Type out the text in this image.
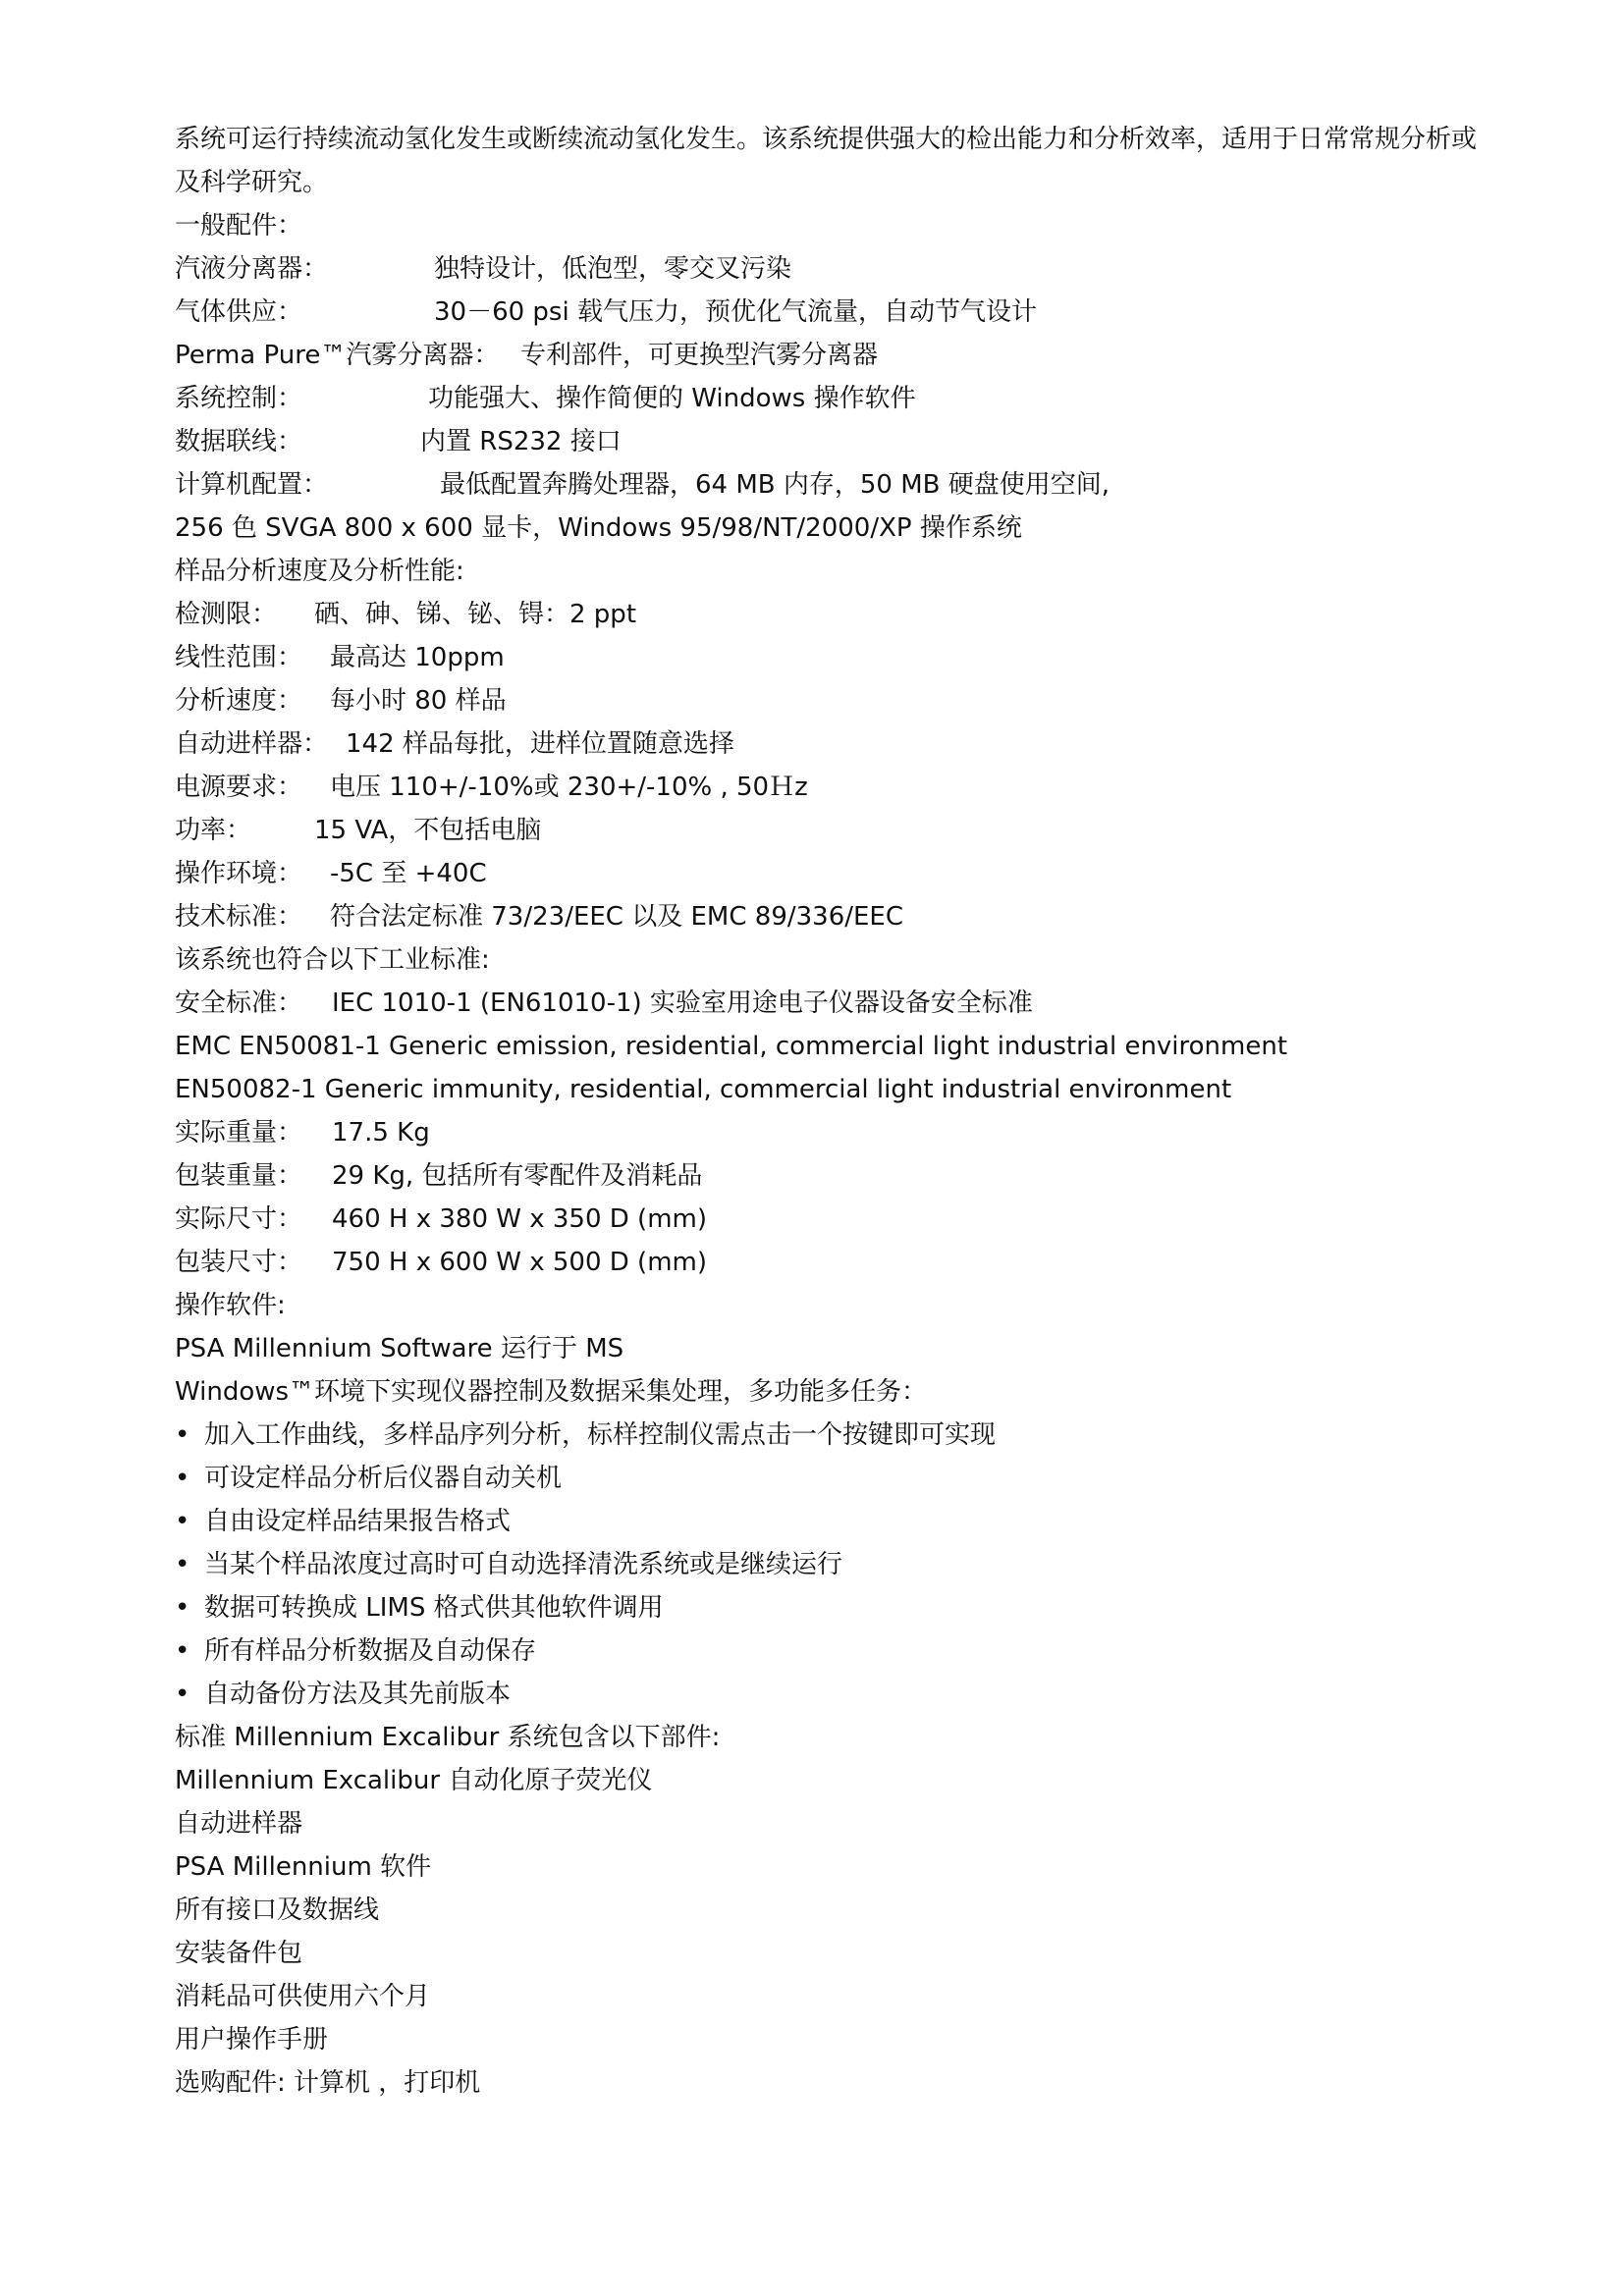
系统可运行持续流动氢化发生或断续流动氢化发生。该系统提供强大的检出能力和分析效率，适用于日常常规分析或及科学研究。
一般配件：
汽液分离器：	独特设计，低泡型，零交叉污染
气体供应：	30－60 psi 载气压力，预优化气流量，自动节气设计
Perma Pure™汽雾分离器： 专利部件，可更换型汽雾分离器
系统控制：	功能强大、操作简便的 Windows 操作软件
数据联线：	内置 RS232 接口
计算机配置：	最低配置奔腾处理器，64 MB 内存，50 MB 硬盘使用空间,
256 色 SVGA 800 x 600 显卡，Windows 95/98/NT/2000/XP 操作系统
样品分析速度及分析性能:
检测限： 硒、砷、锑、铋、锝：2 ppt
线性范围： 最高达 10ppm
分析速度： 每小时 80 样品
自动进样器： 142 样品每批，进样位置随意选择
电源要求： 电压 110+/-10%或 230+/-10% , 50Ｈz
功率： 15 VA，不包括电脑
操作环境： -5C 至 +40C
技术标准： 符合法定标准 73/23/EEC 以及 EMC 89/336/EEC
该系统也符合以下工业标准:
安全标准： IEC 1010-1 (EN61010-1) 实验室用途电子仪器设备安全标准
EMC EN50081-1 Generic emission, residential, commercial light industrial environment
EN50082-1 Generic immunity, residential, commercial light industrial environment
实际重量： 17.5 Kg
包装重量： 29 Kg, 包括所有零配件及消耗品
实际尺寸： 460 H x 380 W x 350 D (mm)
包装尺寸： 750 H x 600 W x 500 D (mm)
操作软件:
PSA Millennium Software 运行于 MS
Windows™环境下实现仪器控制及数据采集处理，多功能多任务：
• 加入工作曲线，多样品序列分析，标样控制仪需点击一个按键即可实现
• 可设定样品分析后仪器自动关机
• 自由设定样品结果报告格式
• 当某个样品浓度过高时可自动选择清洗系统或是继续运行
• 数据可转换成 LIMS 格式供其他软件调用
• 所有样品分析数据及自动保存
• 自动备份方法及其先前版本
标准 Millennium Excalibur 系统包含以下部件:
Millennium Excalibur 自动化原子荧光仪
自动进样器
PSA Millennium 软件
所有接口及数据线
安装备件包
消耗品可供使用六个月
用户操作手册
选购配件: 计算机 ，打印机
